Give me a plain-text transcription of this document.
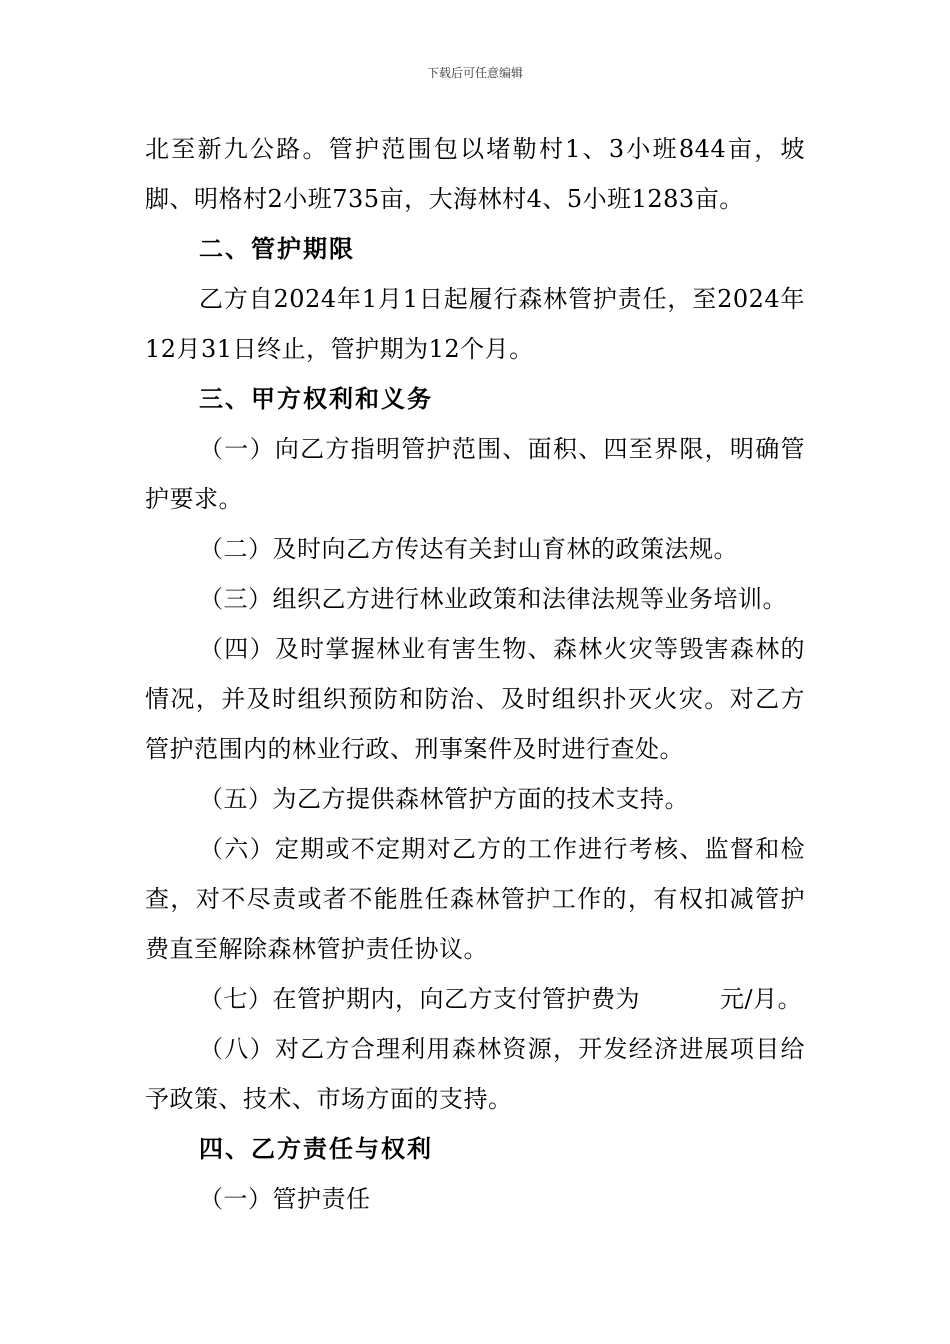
下载后可任意编辑

北至新九公路。管护范围包以堵勒村1、3小班844亩，坡脚、明格村2小班735亩，大海林村4、5小班1283亩。

二、管护期限

乙方自2024年1月1日起履行森林管护责任，至2024年12月31日终止，管护期为12个月。

三、甲方权利和义务

（一）向乙方指明管护范围、面积、四至界限，明确管护要求。

（二）及时向乙方传达有关封山育林的政策法规。

（三）组织乙方进行林业政策和法律法规等业务培训。

（四）及时掌握林业有害生物、森林火灾等毁害森林的情况，并及时组织预防和防治、及时组织扑灭火灾。对乙方管护范围内的林业行政、刑事案件及时进行查处。

（五）为乙方提供森林管护方面的技术支持。

（六）定期或不定期对乙方的工作进行考核、监督和检查，对不尽责或者不能胜任森林管护工作的，有权扣减管护费直至解除森林管护责任协议。

（七）在管护期内，向乙方支付管护费为	元/月。

（八）对乙方合理利用森林资源，开发经济进展项目给予政策、技术、市场方面的支持。

四、乙方责任与权利

（一）管护责任
